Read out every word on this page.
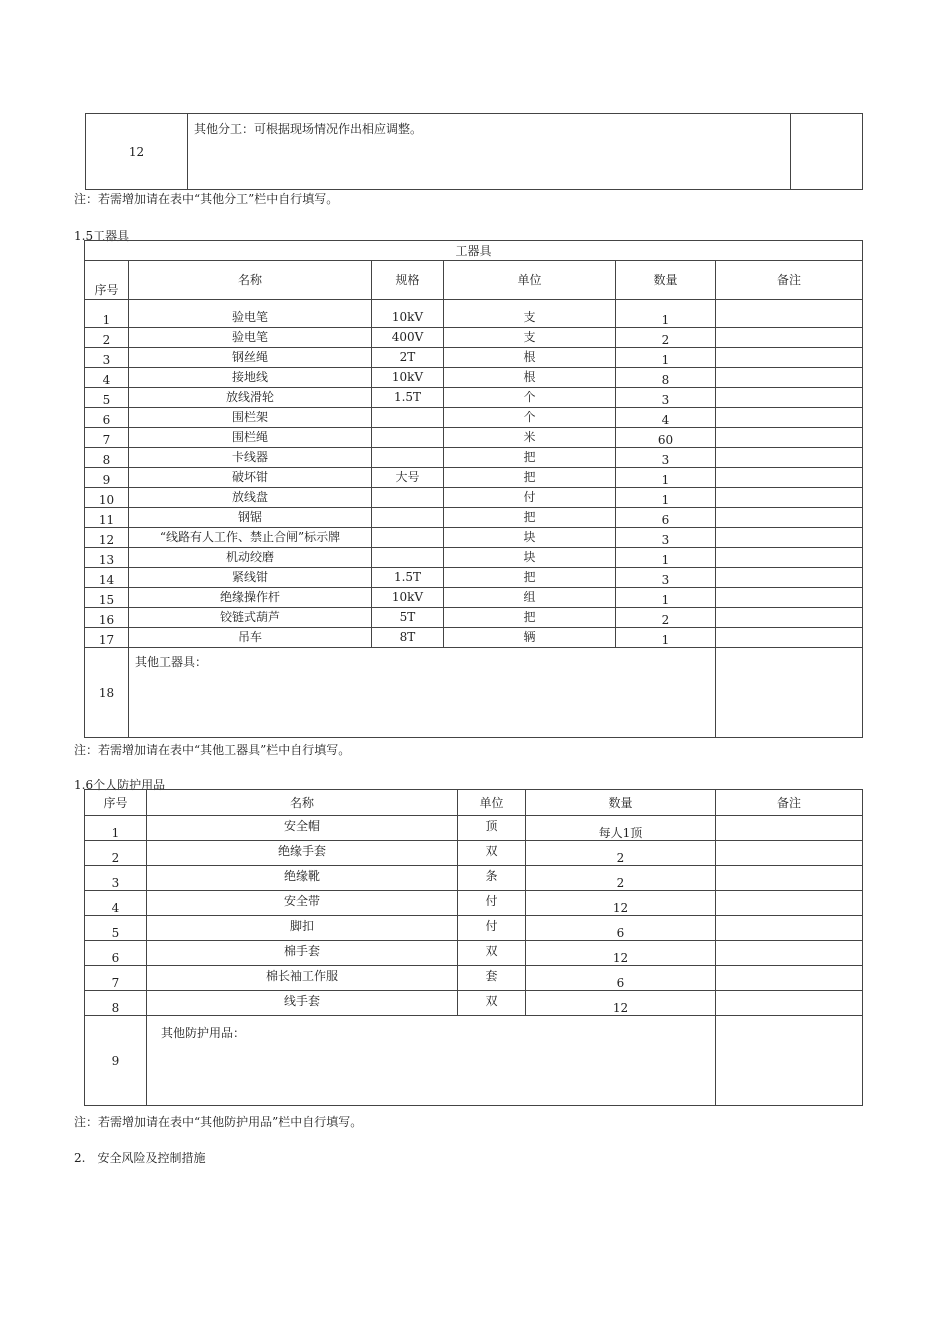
12	其他分工：可根据现场情况作出相应调整。	
注：若需增加请在表中“其他分工”栏中自行填写。
1.5工器具
工器具					
序号	名称	规格	单位	数量	备注
1	验电笔	10kV	支	1	
2	验电笔	400V	支	2	
3	钢丝绳	2T	根	1	
4	接地线	10kV	根	8	
5	放线滑轮	1.5T	个	3	
6	围栏架		个	4	
7	围栏绳		米	60	
8	卡线器		把	3	
9	破坏钳	大号	把	1	
10	放线盘		付	1	
11	钢锯		把	6	
12	“线路有人工作、禁止合闸”标示牌		块	3	
13	机动绞磨		块	1	
14	紧线钳	1.5T	把	3	
15	绝缘操作杆	10kV	组	1	
16	铰链式葫芦	5T	把	2	
17	吊车	8T	辆	1	
18	其他工器具：				
注：若需增加请在表中“其他工器具”栏中自行填写。
1.6个人防护用品
序号	名称	单位	数量	备注
1	安全帽	顶	每人1顶	
2	绝缘手套	双	2	
3	绝缘靴	条	2	
4	安全带	付	12	
5	脚扣	付	6	
6	棉手套	双	12	
7	棉长袖工作服	套	6	
8	线手套	双	12	
9	其他防护用品：			
注：若需增加请在表中“其他防护用品”栏中自行填写。
2.　安全风险及控制措施
